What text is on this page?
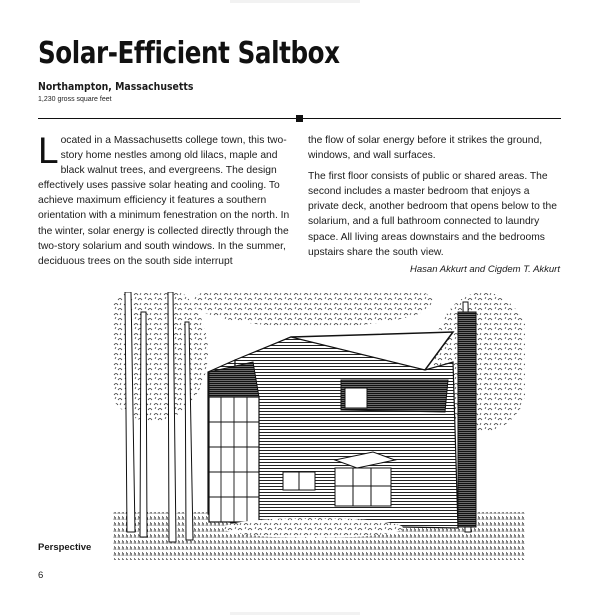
Solar-Efficient Saltbox
Northampton, Massachusetts
1,230 gross square feet

Located in a Massachusetts college town, this two-story home nestles among old lilacs, maple and black walnut trees, and evergreens. The design effectively uses passive solar heating and cooling. To achieve maximum efficiency it features a southern orientation with a minimum fenestration on the north. In the winter, solar energy is collected directly through the two-story solarium and south windows. In the summer, deciduous trees on the south side interrupt

the flow of solar energy before it strikes the ground, windows, and wall surfaces.

The first floor consists of public or shared areas. The second includes a master bedroom that enjoys a private deck, another bedroom that opens below to the solarium, and a full bathroom connected to laundry space. All living areas downstairs and the bedrooms upstairs share the south view.

Hasan Akkurt and Cigdem T. Akkurt
Perspective
6
